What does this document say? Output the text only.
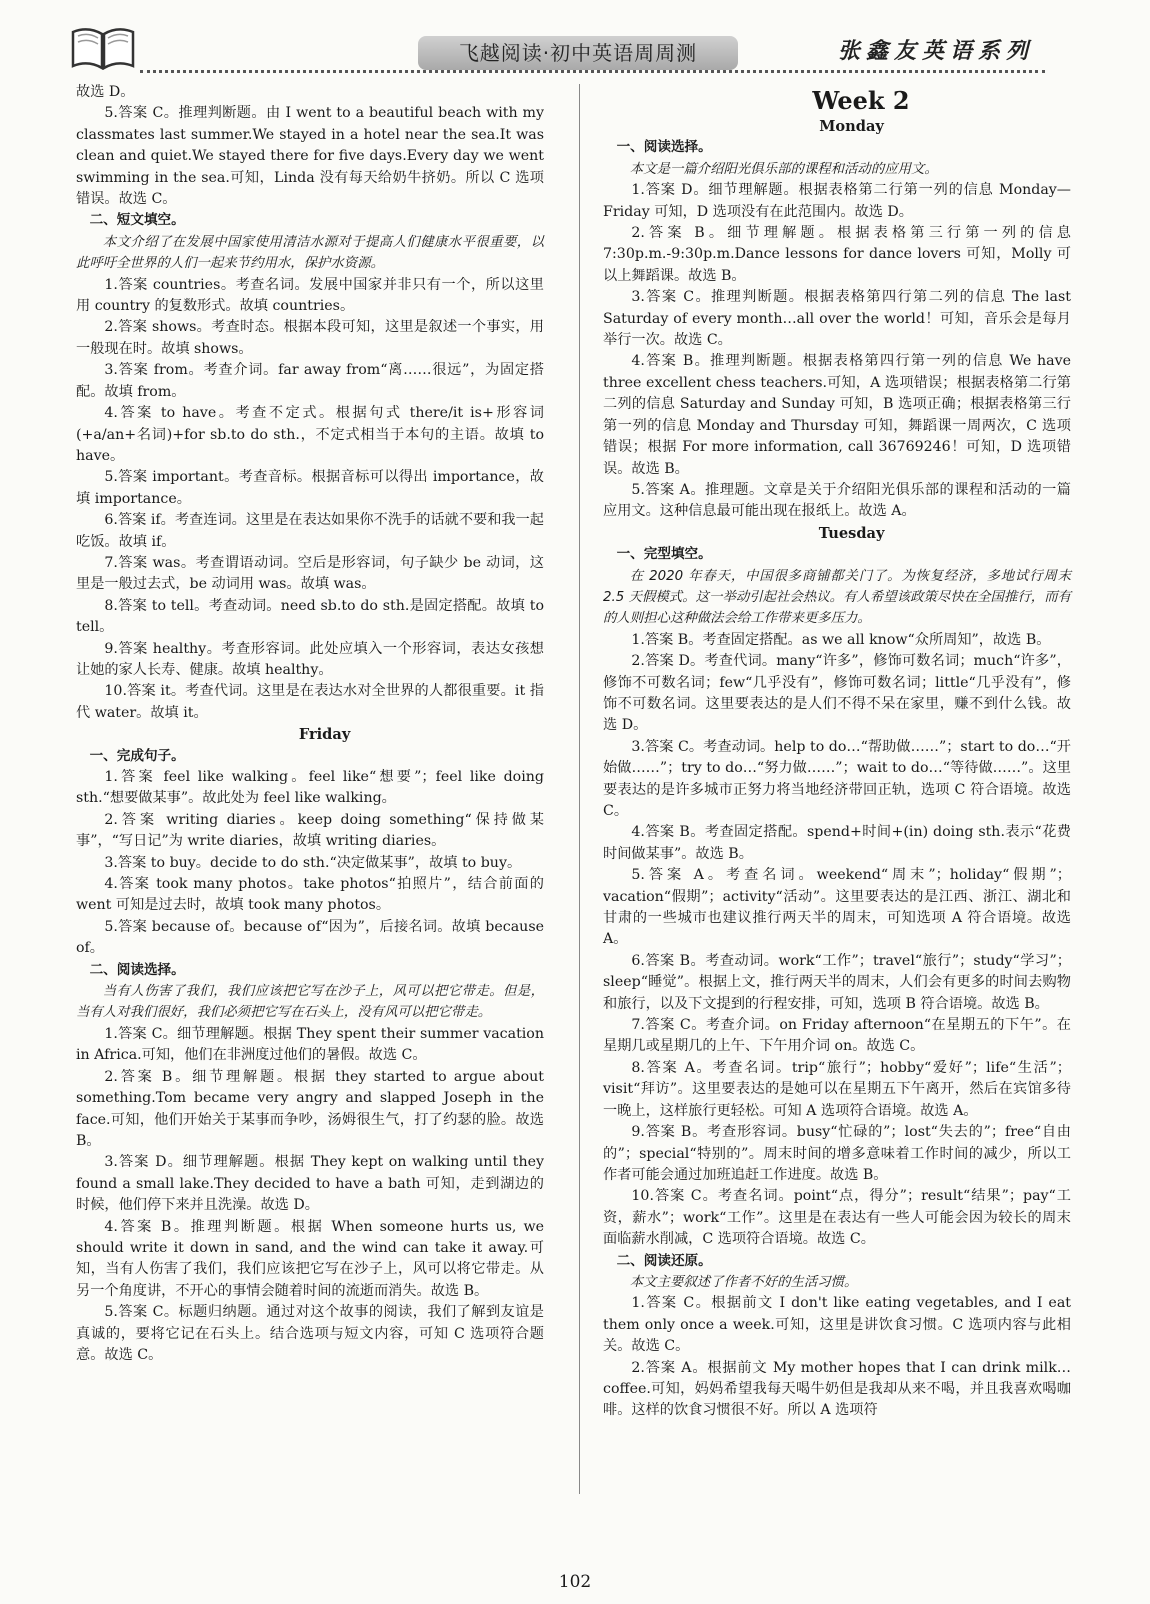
飞越阅读·初中英语周周测	张鑫友英语系列

故选 D。

5.答案 C。推理判断题。由 I went to a beautiful beach with my classmates last summer.We stayed in a hotel near the sea.It was clean and quiet.We stayed there for five days.Every day we went swimming in the sea.可知，Linda 没有每天给奶牛挤奶。所以 C 选项错误。故选 C。

二、短文填空。

本文介绍了在发展中国家使用清洁水源对于提高人们健康水平很重要，以此呼吁全世界的人们一起来节约用水，保护水资源。

1.答案 countries。考查名词。发展中国家并非只有一个，所以这里用 country 的复数形式。故填 countries。

2.答案 shows。考查时态。根据本段可知，这里是叙述一个事实，用一般现在时。故填 shows。

3.答案 from。考查介词。far away from“离……很远”，为固定搭配。故填 from。

4.答案 to have。考查不定式。根据句式 there/it is+形容词(+a/an+名词)+for sb.to do sth.，不定式相当于本句的主语。故填 to have。

5.答案 important。考查音标。根据音标可以得出 importance，故填 importance。

6.答案 if。考查连词。这里是在表达如果你不洗手的话就不要和我一起吃饭。故填 if。

7.答案 was。考查谓语动词。空后是形容词，句子缺少 be 动词，这里是一般过去式，be 动词用 was。故填 was。

8.答案 to tell。考查动词。need sb.to do sth.是固定搭配。故填 to tell。

9.答案 healthy。考查形容词。此处应填入一个形容词，表达女孩想让她的家人长寿、健康。故填 healthy。

10.答案 it。考查代词。这里是在表达水对全世界的人都很重要。it 指代 water。故填 it。

Friday

一、完成句子。

1.答案 feel like walking。feel like“想要”；feel like doing sth.“想要做某事”。故此处为 feel like walking。

2.答案 writing diaries。keep doing something“保持做某事”，“写日记”为 write diaries，故填 writing diaries。

3.答案 to buy。decide to do sth.“决定做某事”，故填 to buy。

4.答案 took many photos。take photos“拍照片”，结合前面的 went 可知是过去时，故填 took many photos。

5.答案 because of。because of“因为”，后接名词。故填 because of。

二、阅读选择。

当有人伤害了我们，我们应该把它写在沙子上，风可以把它带走。但是，当有人对我们很好，我们必须把它写在石头上，没有风可以把它带走。

1.答案 C。细节理解题。根据 They spent their summer vacation in Africa.可知，他们在非洲度过他们的暑假。故选 C。

2.答案 B。细节理解题。根据 they started to argue about something.Tom became very angry and slapped Joseph in the face.可知，他们开始关于某事而争吵，汤姆很生气，打了约瑟的脸。故选 B。

3.答案 D。细节理解题。根据 They kept on walking until they found a small lake.They decided to have a bath 可知，走到湖边的时候，他们停下来并且洗澡。故选 D。

4.答案 B。推理判断题。根据 When someone hurts us, we should write it down in sand, and the wind can take it away.可知，当有人伤害了我们，我们应该把它写在沙子上，风可以将它带走。从另一个角度讲，不开心的事情会随着时间的流逝而消失。故选 B。

5.答案 C。标题归纳题。通过对这个故事的阅读，我们了解到友谊是真诚的，要将它记在石头上。结合选项与短文内容，可知 C 选项符合题意。故选 C。

Week 2

Monday

一、阅读选择。

本文是一篇介绍阳光俱乐部的课程和活动的应用文。

1.答案 D。细节理解题。根据表格第二行第一列的信息 Monday—Friday 可知，D 选项没有在此范围内。故选 D。

2.答案 B。细节理解题。根据表格第三行第一列的信息 7:30p.m.-9:30p.m.Dance lessons for dance lovers 可知，Molly 可以上舞蹈课。故选 B。

3.答案 C。推理判断题。根据表格第四行第二列的信息 The last Saturday of every month…all over the world！可知，音乐会是每月举行一次。故选 C。

4.答案 B。推理判断题。根据表格第四行第一列的信息 We have three excellent chess teachers.可知，A 选项错误；根据表格第二行第二列的信息 Saturday and Sunday 可知，B 选项正确；根据表格第三行第一列的信息 Monday and Thursday 可知，舞蹈课一周两次，C 选项错误；根据 For more information, call 36769246！可知，D 选项错误。故选 B。

5.答案 A。推理题。文章是关于介绍阳光俱乐部的课程和活动的一篇应用文。这种信息最可能出现在报纸上。故选 A。

Tuesday

一、完型填空。

在 2020 年春天，中国很多商铺都关门了。为恢复经济，多地试行周末 2.5 天假模式。这一举动引起社会热议。有人希望该政策尽快在全国推行，而有的人则担心这种做法会给工作带来更多压力。

1.答案 B。考查固定搭配。as we all know“众所周知”，故选 B。

2.答案 D。考查代词。many“许多”，修饰可数名词；much“许多”，修饰不可数名词；few“几乎没有”，修饰可数名词；little“几乎没有”，修饰不可数名词。这里要表达的是人们不得不呆在家里，赚不到什么钱。故选 D。

3.答案 C。考查动词。help to do…“帮助做……”；start to do…“开始做……”；try to do…“努力做……”；wait to do…“等待做……”。这里要表达的是许多城市正努力将当地经济带回正轨，选项 C 符合语境。故选 C。

4.答案 B。考查固定搭配。spend+时间+(in) doing sth.表示“花费时间做某事”。故选 B。

5.答案 A。考查名词。weekend“周末”；holiday“假期”；vacation“假期”；activity“活动”。这里要表达的是江西、浙江、湖北和甘肃的一些城市也建议推行两天半的周末，可知选项 A 符合语境。故选 A。

6.答案 B。考查动词。work“工作”；travel“旅行”；study“学习”；sleep“睡觉”。根据上文，推行两天半的周末，人们会有更多的时间去购物和旅行，以及下文提到的行程安排，可知，选项 B 符合语境。故选 B。

7.答案 C。考查介词。on Friday afternoon“在星期五的下午”。在星期几或星期几的上午、下午用介词 on。故选 C。

8.答案 A。考查名词。trip“旅行”；hobby“爱好”；life“生活”；visit“拜访”。这里要表达的是她可以在星期五下午离开，然后在宾馆多待一晚上，这样旅行更轻松。可知 A 选项符合语境。故选 A。

9.答案 B。考查形容词。busy“忙碌的”；lost“失去的”；free“自由的”；special“特别的”。周末时间的增多意味着工作时间的减少，所以工作者可能会通过加班追赶工作进度。故选 B。

10.答案 C。考查名词。point“点，得分”；result“结果”；pay“工资，薪水”；work“工作”。这里是在表达有一些人可能会因为较长的周末面临薪水削减，C 选项符合语境。故选 C。

二、阅读还原。

本文主要叙述了作者不好的生活习惯。

1.答案 C。根据前文 I don't like eating vegetables, and I eat them only once a week.可知，这里是讲饮食习惯。C 选项内容与此相关。故选 C。

2.答案 A。根据前文 My mother hopes that I can drink milk…coffee.可知，妈妈希望我每天喝牛奶但是我却从来不喝，并且我喜欢喝咖啡。这样的饮食习惯很不好。所以 A 选项符

102
